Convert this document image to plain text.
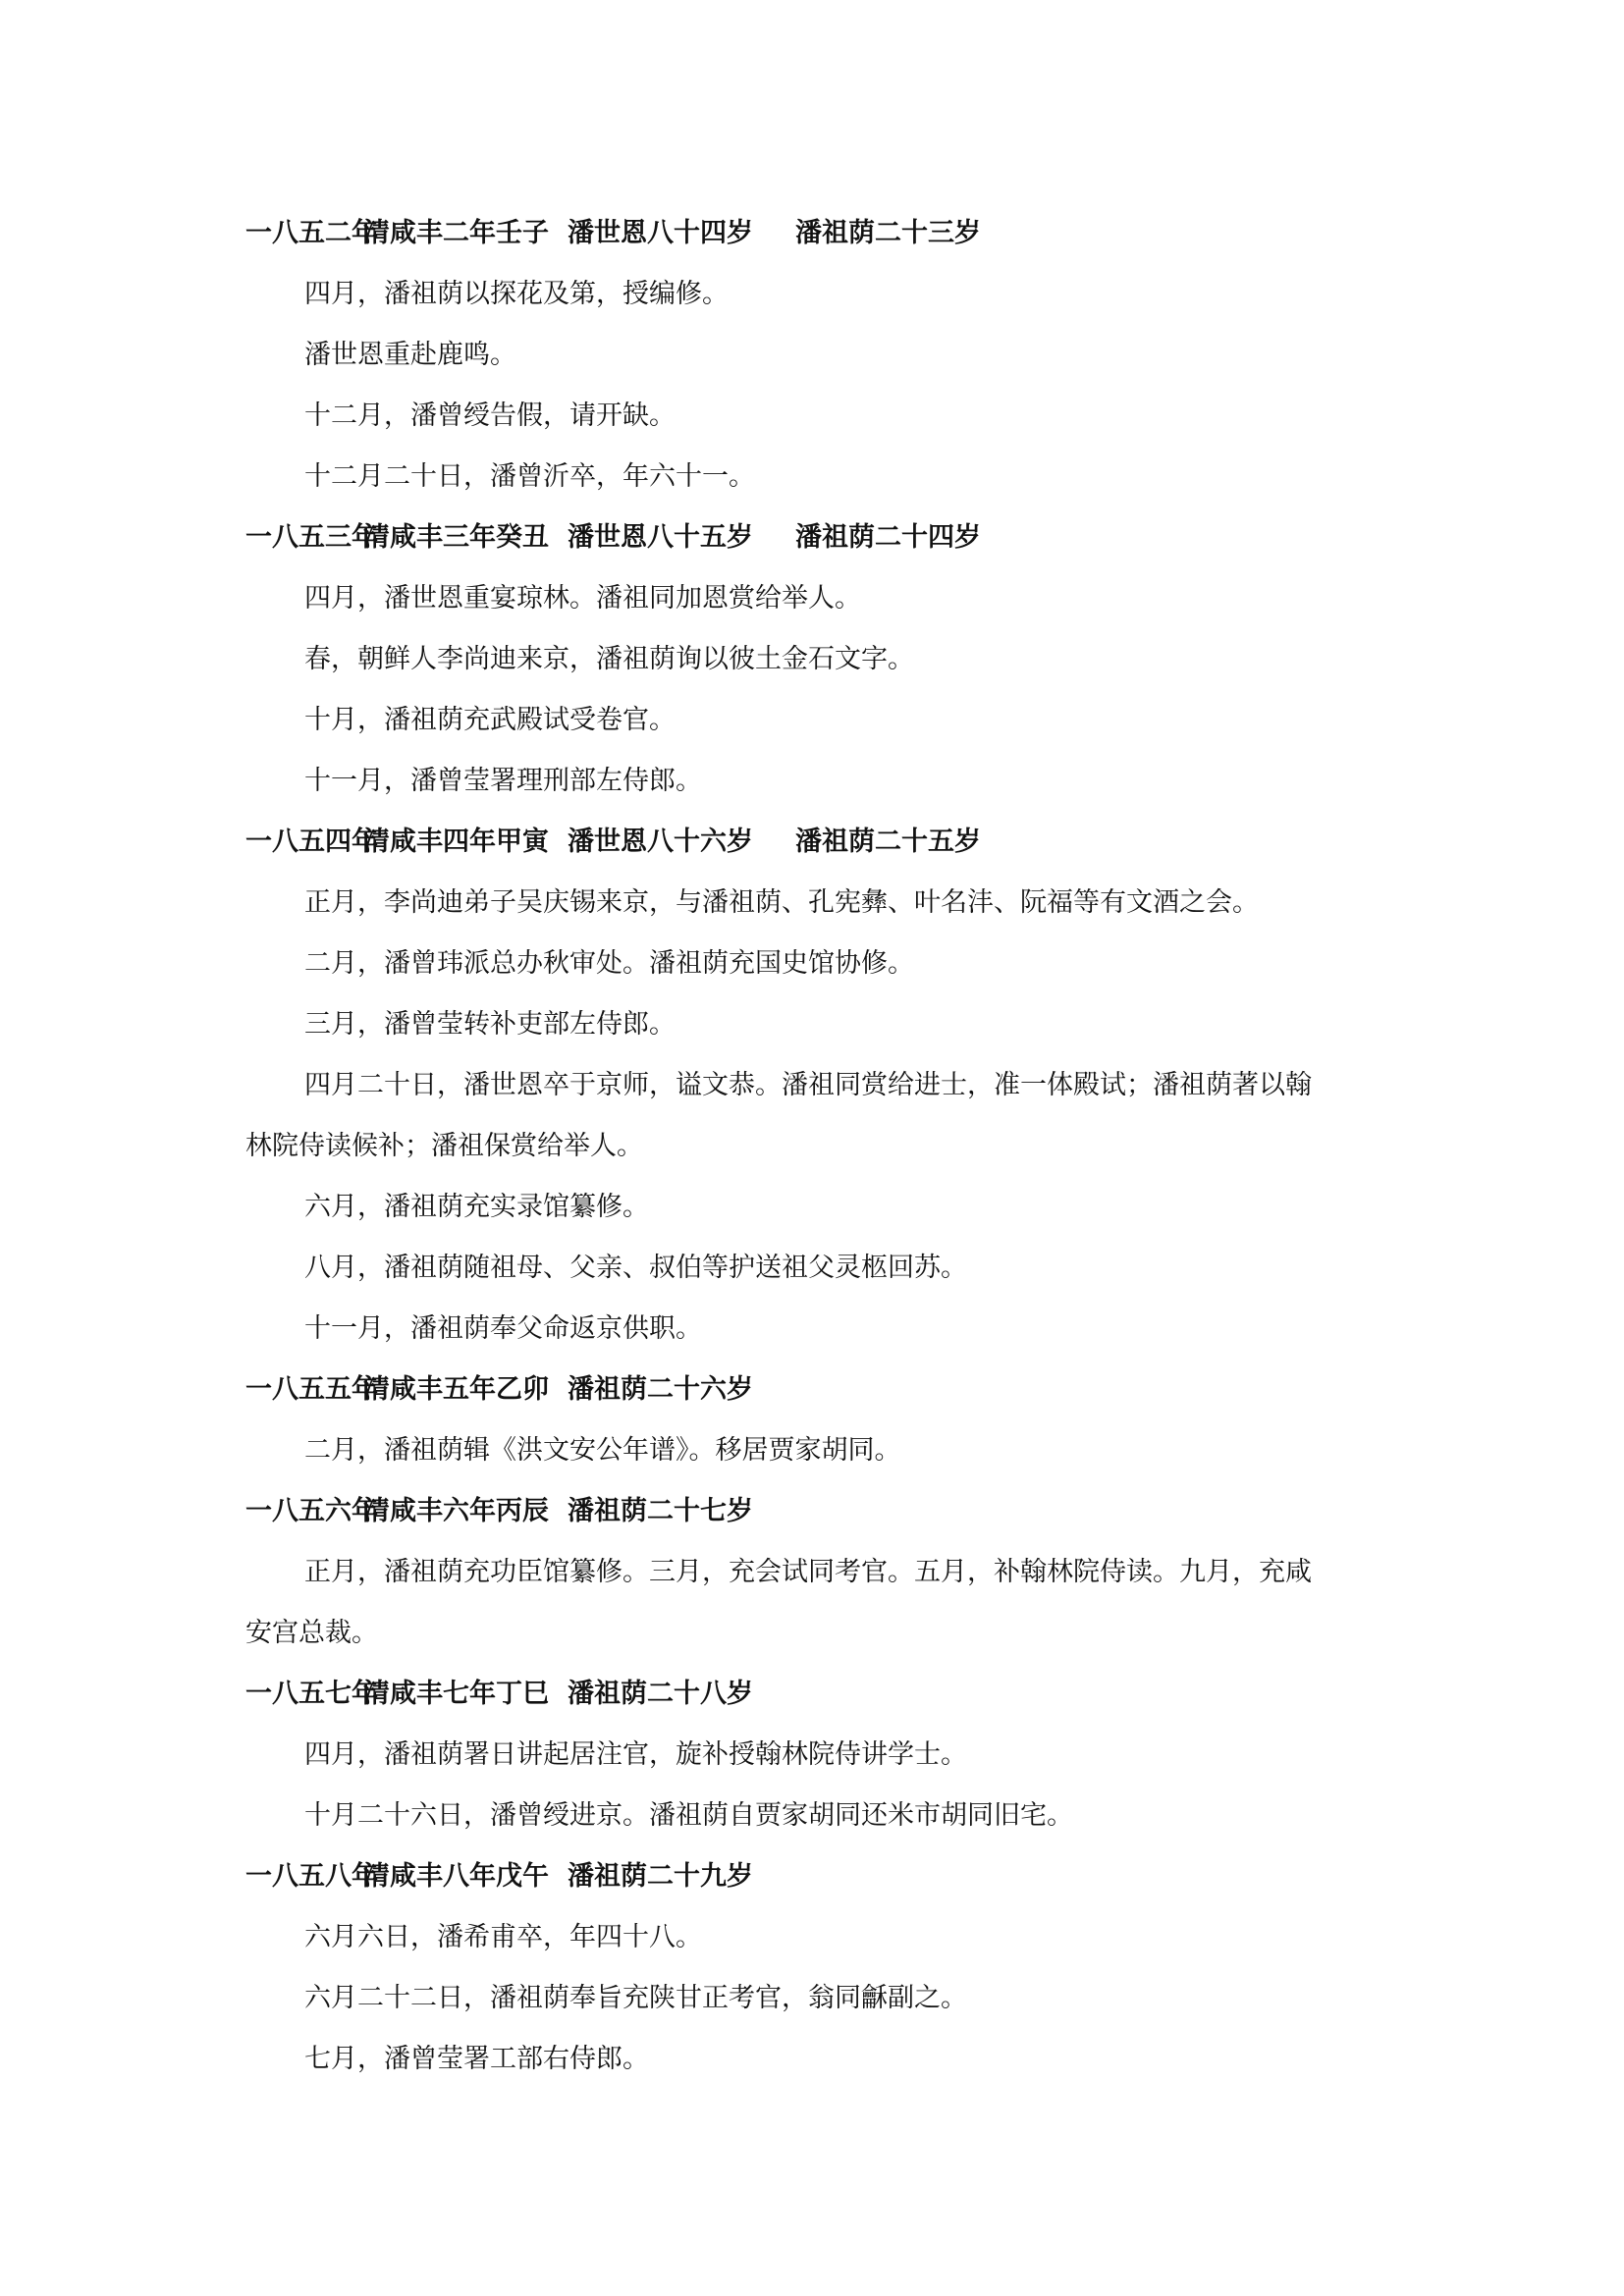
一八五二年清咸丰二年壬子 潘世恩八十四岁 潘祖荫二十三岁
四月，潘祖荫以探花及第，授编修。
潘世恩重赴鹿鸣。
十二月，潘曾绶告假，请开缺。
十二月二十日，潘曾沂卒，年六十一。
一八五三年清咸丰三年癸丑 潘世恩八十五岁 潘祖荫二十四岁
四月，潘世恩重宴琼林。潘祖同加恩赏给举人。
春，朝鲜人李尚迪来京，潘祖荫询以彼土金石文字。
十月，潘祖荫充武殿试受卷官。
十一月，潘曾莹署理刑部左侍郎。
一八五四年清咸丰四年甲寅 潘世恩八十六岁 潘祖荫二十五岁
正月，李尚迪弟子吴庆锡来京，与潘祖荫、孔宪彝、叶名沣、阮福等有文酒之会。
二月，潘曾玮派总办秋审处。潘祖荫充国史馆协修。
三月，潘曾莹转补吏部左侍郎。
四月二十日，潘世恩卒于京师，谥文恭。潘祖同赏给进士，准一体殿试；潘祖荫著以翰
林院侍读候补；潘祖保赏给举人。
六月，潘祖荫充实录馆纂修。
八月，潘祖荫随祖母、父亲、叔伯等护送祖父灵柩回苏。
十一月，潘祖荫奉父命返京供职。
一八五五年清咸丰五年乙卯 潘祖荫二十六岁
二月，潘祖荫辑《洪文安公年谱》。移居贾家胡同。
一八五六年清咸丰六年丙辰 潘祖荫二十七岁
正月，潘祖荫充功臣馆纂修。三月，充会试同考官。五月，补翰林院侍读。九月，充咸
安宫总裁。
一八五七年清咸丰七年丁巳 潘祖荫二十八岁
四月，潘祖荫署日讲起居注官，旋补授翰林院侍讲学士。
十月二十六日，潘曾绶进京。潘祖荫自贾家胡同还米市胡同旧宅。
一八五八年清咸丰八年戊午 潘祖荫二十九岁
六月六日，潘希甫卒，年四十八。
六月二十二日，潘祖荫奉旨充陕甘正考官，翁同龢副之。
七月，潘曾莹署工部右侍郎。
